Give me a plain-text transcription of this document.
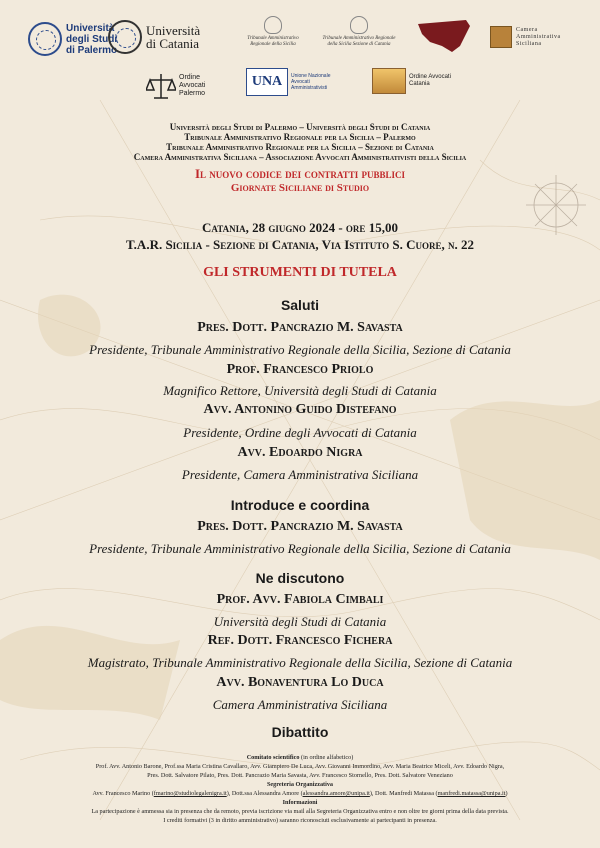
Università degli Studi di Palermo
Università
di Catania	Tribunale Amministrativo Regionale della Sicilia
Tribunale Amministrativo Regionale della Sicilia Sezione di Catania
Camera Amministrativa Siciliana
Ordine Avvocati Palermo
UNA	Unione Nazionale Avvocati Amministrativisti
Ordine Avvocati Catania
Università degli Studi di Palermo – Università degli Studi di Catania
Tribunale Amministrativo Regionale per la Sicilia – Palermo
Tribunale Amministrativo Regionale per la Sicilia – Sezione di Catania
Camera Amministrativa Siciliana – Associazione Avvocati Amministrativisti della Sicilia
Il nuovo codice dei contratti pubblici
Giornate Siciliane di Studio
Catania, 28 giugno 2024 - ore 15,00
T.A.R. Sicilia - Sezione di Catania, Via Istituto S. Cuore, n. 22
GLI STRUMENTI DI TUTELA
Saluti
Pres. Dott. Pancrazio M. Savasta
Presidente, Tribunale Amministrativo Regionale della Sicilia, Sezione di Catania
Prof. Francesco Priolo
Magnifico Rettore, Università degli Studi di Catania
Avv. Antonino Guido Distefano
Presidente, Ordine degli Avvocati di Catania
Avv. Edoardo Nigra
Presidente, Camera Amministrativa Siciliana
Introduce e coordina
Pres. Dott. Pancrazio M. Savasta
Presidente, Tribunale Amministrativo Regionale della Sicilia, Sezione di Catania
Ne discutono
Prof. Avv. Fabiola Cimbali
Università degli Studi di Catania
Ref. Dott. Francesco Fichera
Magistrato, Tribunale Amministrativo Regionale della Sicilia, Sezione di Catania
Avv. Bonaventura Lo Duca
Camera Amministrativa Siciliana
Dibattito
Comitato scientifico (in ordine alfabetico)
Prof. Avv. Antonio Barone, Prof.ssa Maria Cristina Cavallaro, Avv. Giampiero De Luca, Avv. Giovanni Immordino, Avv. Maria Beatrice Miceli, Avv. Edoardo Nigra,
Pres. Dott. Salvatore Pilato, Pres. Dott. Pancrazio Maria Savasta, Avv. Francesco Stornello, Pres. Dott. Salvatore Veneziano
Segreteria Organizzativa
Avv. Francesco Marino (fmarino@studiolegalenigra.it), Dott.ssa Alessandra Amore (alessandra.amore@unipa.it), Dott. Manfredi Matassa (manfredi.matassa@unipa.it)
Informazioni
La partecipazione è ammessa sia in presenza che da remoto, previa iscrizione via mail alla Segreteria Organizzativa entro e non oltre tre giorni prima della data prevista.
I crediti formativi (3 in diritto amministrativo) saranno riconosciuti esclusivamente ai partecipanti in presenza.
